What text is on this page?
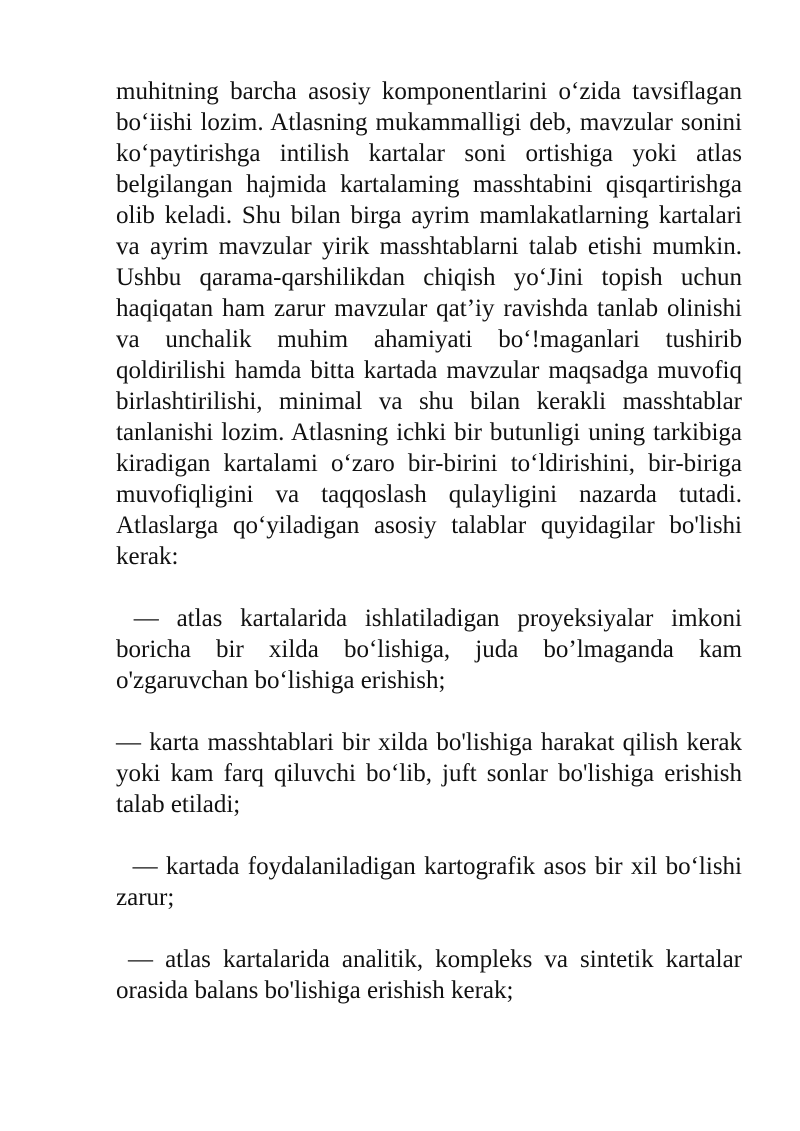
muhitning barcha asosiy komponentlarini o‘zida tavsiflagan bo‘iishi lozim. Atlasning mukammalligi deb, mavzular sonini ko‘paytirishga intilish kartalar soni ortishiga yoki atlas belgilangan hajmida kartalaming masshtabini qisqartirishga olib keladi. Shu bilan birga ayrim mamlakatlarning kartalari va ayrim mavzular yirik masshtablarni talab etishi mumkin. Ushbu qarama-qarshilikdan chiqish yo‘Jini topish uchun haqiqatan ham zarur mavzular qat’iy ravishda tanlab olinishi va unchalik muhim ahamiyati bo‘!maganlari tushirib qoldirilishi hamda bitta kartada mavzular maqsadga muvofiq birlashtirilishi, minimal va shu bilan kerakli masshtablar tanlanishi lozim. Atlasning ichki bir butunligi uning tarkibiga kiradigan kartalami o‘zaro bir-birini to‘ldirishini, bir-biriga muvofiqligini va taqqoslash qulayligini nazarda tutadi. Atlaslarga qo‘yiladigan asosiy talablar quyidagilar bo'lishi kerak:

— atlas kartalarida ishlatiladigan proyeksiyalar imkoni boricha bir xilda bo‘lishiga, juda bo’lmaganda kam o'zgaruvchan bo‘lishiga erishish;

— karta masshtablari bir xilda bo'lishiga harakat qilish kerak yoki kam farq qiluvchi bo‘lib, juft sonlar bo'lishiga erishish talab etiladi;

— kartada foydalaniladigan kartografik asos bir xil bo‘lishi zarur;

— atlas kartalarida analitik, kompleks va sintetik kartalar orasida balans bo'lishiga erishish kerak;
